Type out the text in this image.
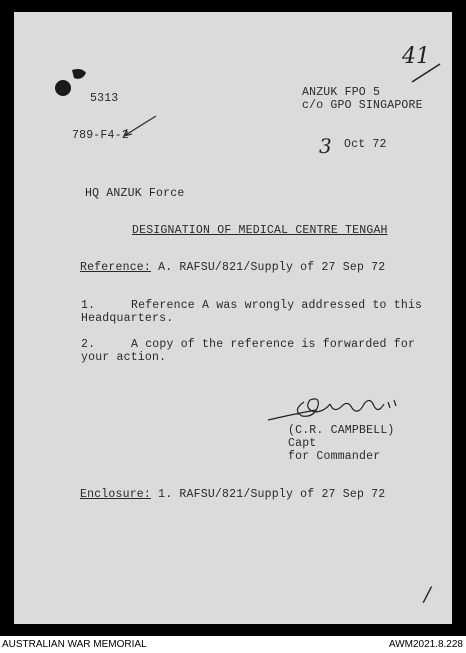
41
5313	ANZUK FPO 5
c/o GPO SINGAPORE
789-F4-2	3 Oct 72
HQ ANZUK Force
DESIGNATION OF MEDICAL CENTRE TENGAH
Reference: A. RAFSU/821/Supply of 27 Sep 72
1.	Reference A was wrongly addressed to this
Headquarters.
2.	A copy of the reference is forwarded for
your action.
(C.R. CAMPBELL)
Capt
for Commander
Enclosure: 1. RAFSU/821/Supply of 27 Sep 72
/
AUSTRALIAN WAR MEMORIAL	AWM2021.8.228
